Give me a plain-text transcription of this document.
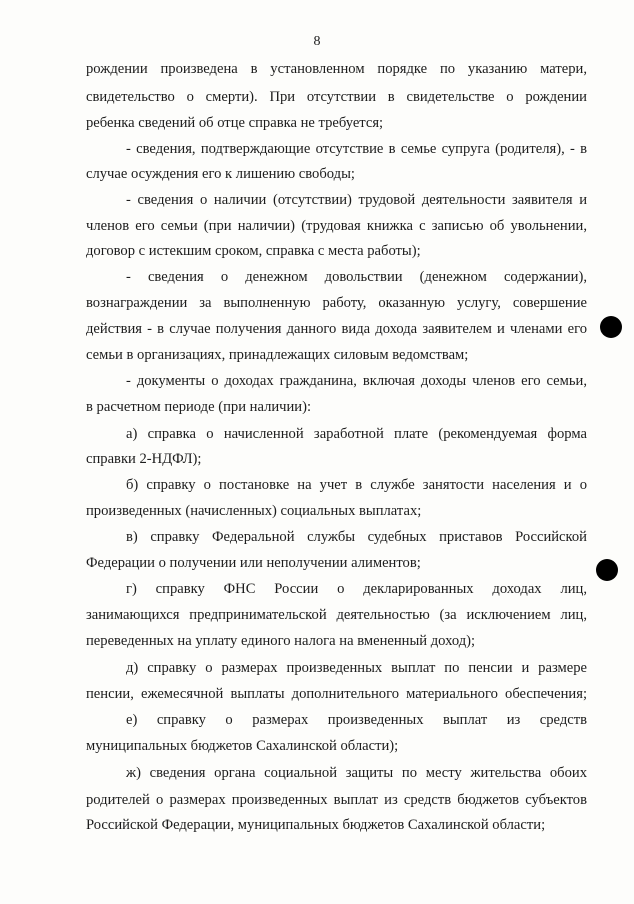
8
рождении произведена в установленном порядке по указанию матери,
свидетельство о смерти). При отсутствии в свидетельстве о рождении
ребенка сведений об отце справка не требуется;
- сведения, подтверждающие отсутствие в семье супруга (родителя), - в
случае осуждения его к лишению свободы;
- сведения о наличии (отсутствии) трудовой деятельности заявителя и
членов его семьи (при наличии) (трудовая книжка с записью об увольнении,
договор с истекшим сроком, справка с места работы);
- сведения о денежном довольствии (денежном содержании),
вознаграждении за выполненную работу, оказанную услугу, совершение
действия - в случае получения данного вида дохода заявителем и членами его
семьи в организациях, принадлежащих силовым ведомствам;
- документы о доходах гражданина, включая доходы членов его семьи,
в расчетном периоде (при наличии):
а) справка о начисленной заработной плате (рекомендуемая форма
справки 2-НДФЛ);
б) справку о постановке на учет в службе занятости населения и о
произведенных (начисленных) социальных выплатах;
в) справку Федеральной службы судебных приставов Российской
Федерации о получении или неполучении алиментов;
г) справку ФНС России о декларированных доходах лиц,
занимающихся предпринимательской деятельностью (за исключением лиц,
переведенных на уплату единого налога на вмененный доход);
д) справку о размерах произведенных выплат по пенсии и размере
пенсии, ежемесячной выплаты дополнительного материального обеспечения;
е) справку о размерах произведенных выплат из средств
муниципальных бюджетов Сахалинской области);
ж) сведения органа социальной защиты по месту жительства обоих
родителей о размерах произведенных выплат из средств бюджетов субъектов
Российской Федерации, муниципальных бюджетов Сахалинской области;
